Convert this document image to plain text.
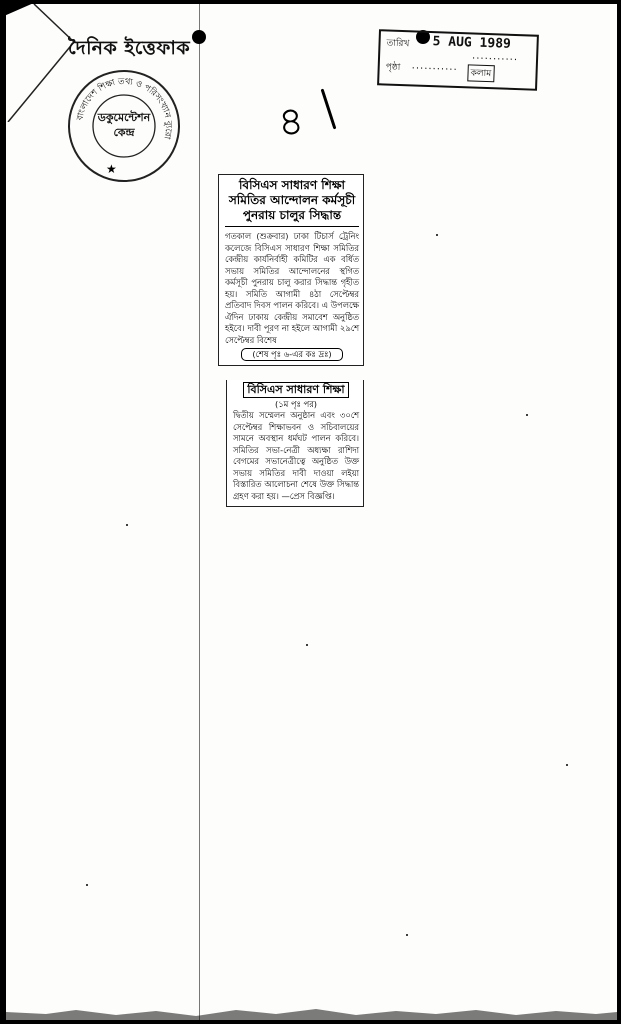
দৈনিক ইত্তেফাক
বাংলাদেশ শিক্ষা তথ্য ও পরিসংখ্যান ব্যুরো
ডকুমেন্টেশন
কেন্দ্র
★
তারিখ 5 AUG 1989
...........
পৃষ্ঠা ...........
কলাম
৪
বিসিএস সাধারণ শিক্ষা
সমিতির আন্দোলন কর্মসূচী
পুনরায় চালুর সিদ্ধান্ত
গতকাল (শুক্রবার) ঢাকা টিচার্স ট্রেনিং কলেজে বিসিএস সাধারণ শিক্ষা সমিতির কেন্দ্রীয় কার্যনির্বাহী কমিটির এক বর্ধিত সভায় সমিতির আন্দোলনের স্থগিত কর্মসূচী পুনরায় চালু করার সিদ্ধান্ত গৃহীত হয়। সমিতি আগামী ৪ঠা সেপ্টেম্বর প্রতিবাদ দিবস পালন করিবে। এ উপলক্ষে ঐদিন ঢাকায় কেন্দ্রীয় সমাবেশ অনুষ্ঠিত হইবে। দাবী পূরণ না হইলে আগামী ২৯শে সেপ্টেম্বর বিশেষ
(শেষ পৃঃ ৬-এর কঃ দ্রঃ)
বিসিএস সাধারণ শিক্ষা
(১ম পৃঃ পর)
দ্বিতীয় সম্মেলন অনুষ্ঠান এবং ৩০শে সেপ্টেম্বর শিক্ষাভবন ও সচিবালয়ের সামনে অবস্থান ধর্মঘট পালন করিবে। সমিতির সভা-নেত্রী অধ্যক্ষা রাশিদা বেগমের সভানেত্রীত্বে অনুষ্ঠিত উক্ত সভায় সমিতির দাবী দাওয়া লইয়া বিস্তারিত আলোচনা শেষে উক্ত সিদ্ধান্ত গ্রহণ করা হয়। —প্রেস বিজ্ঞপ্তি।
